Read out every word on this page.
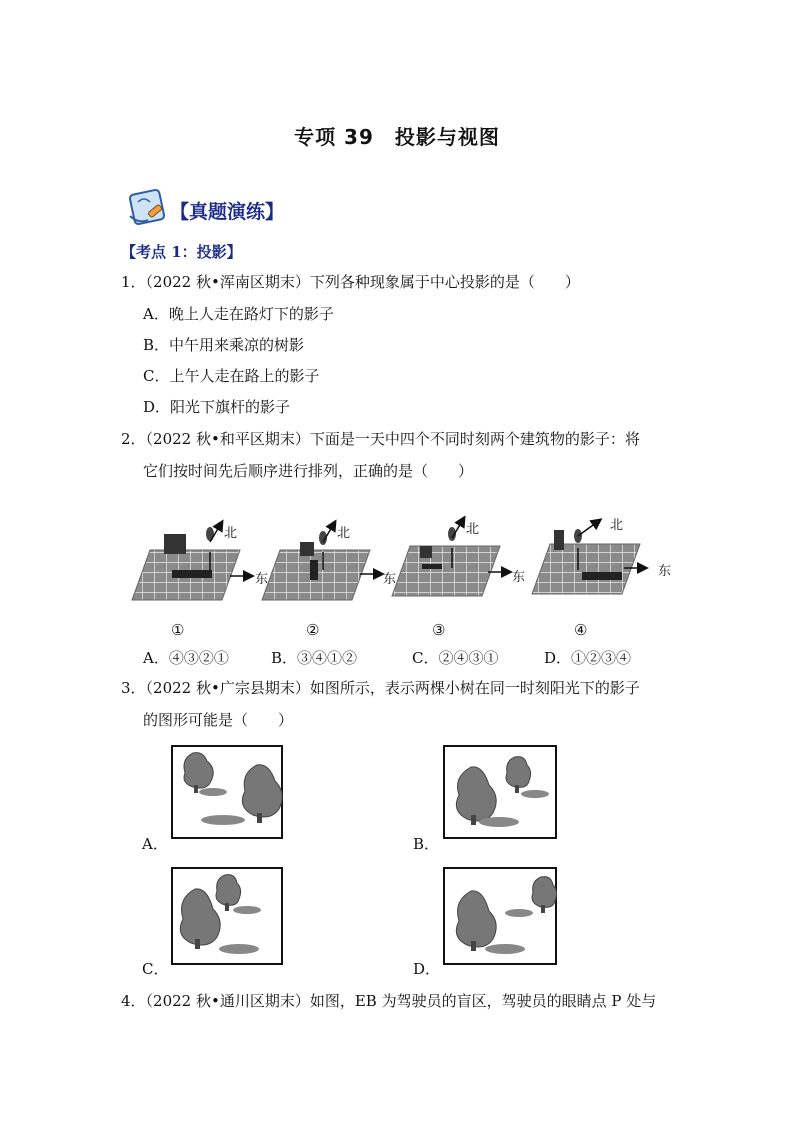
专项 39　投影与视图
【真题演练】
【考点 1：投影】
1．（2022 秋•浑南区期末）下列各种现象属于中心投影的是（　　）
A．晚上人走在路灯下的影子
B．中午用来乘凉的树影
C．上午人走在路上的影子
D．阳光下旗杆的影子
2．（2022 秋•和平区期末）下面是一天中四个不同时刻两个建筑物的影子：将
它们按时间先后顺序进行排列，正确的是（　　）
北
东
北
东
北
东
北
东
①	②	③	④
A．④③②①	B．③④①②	C．②④③①	D．①②③④
3．（2022 秋•广宗县期末）如图所示，表示两棵小树在同一时刻阳光下的影子
的图形可能是（　　）
A．	B．
C．	D．
4．（2022 秋•通川区期末）如图，EB 为驾驶员的盲区，驾驶员的眼睛点 P 处与
